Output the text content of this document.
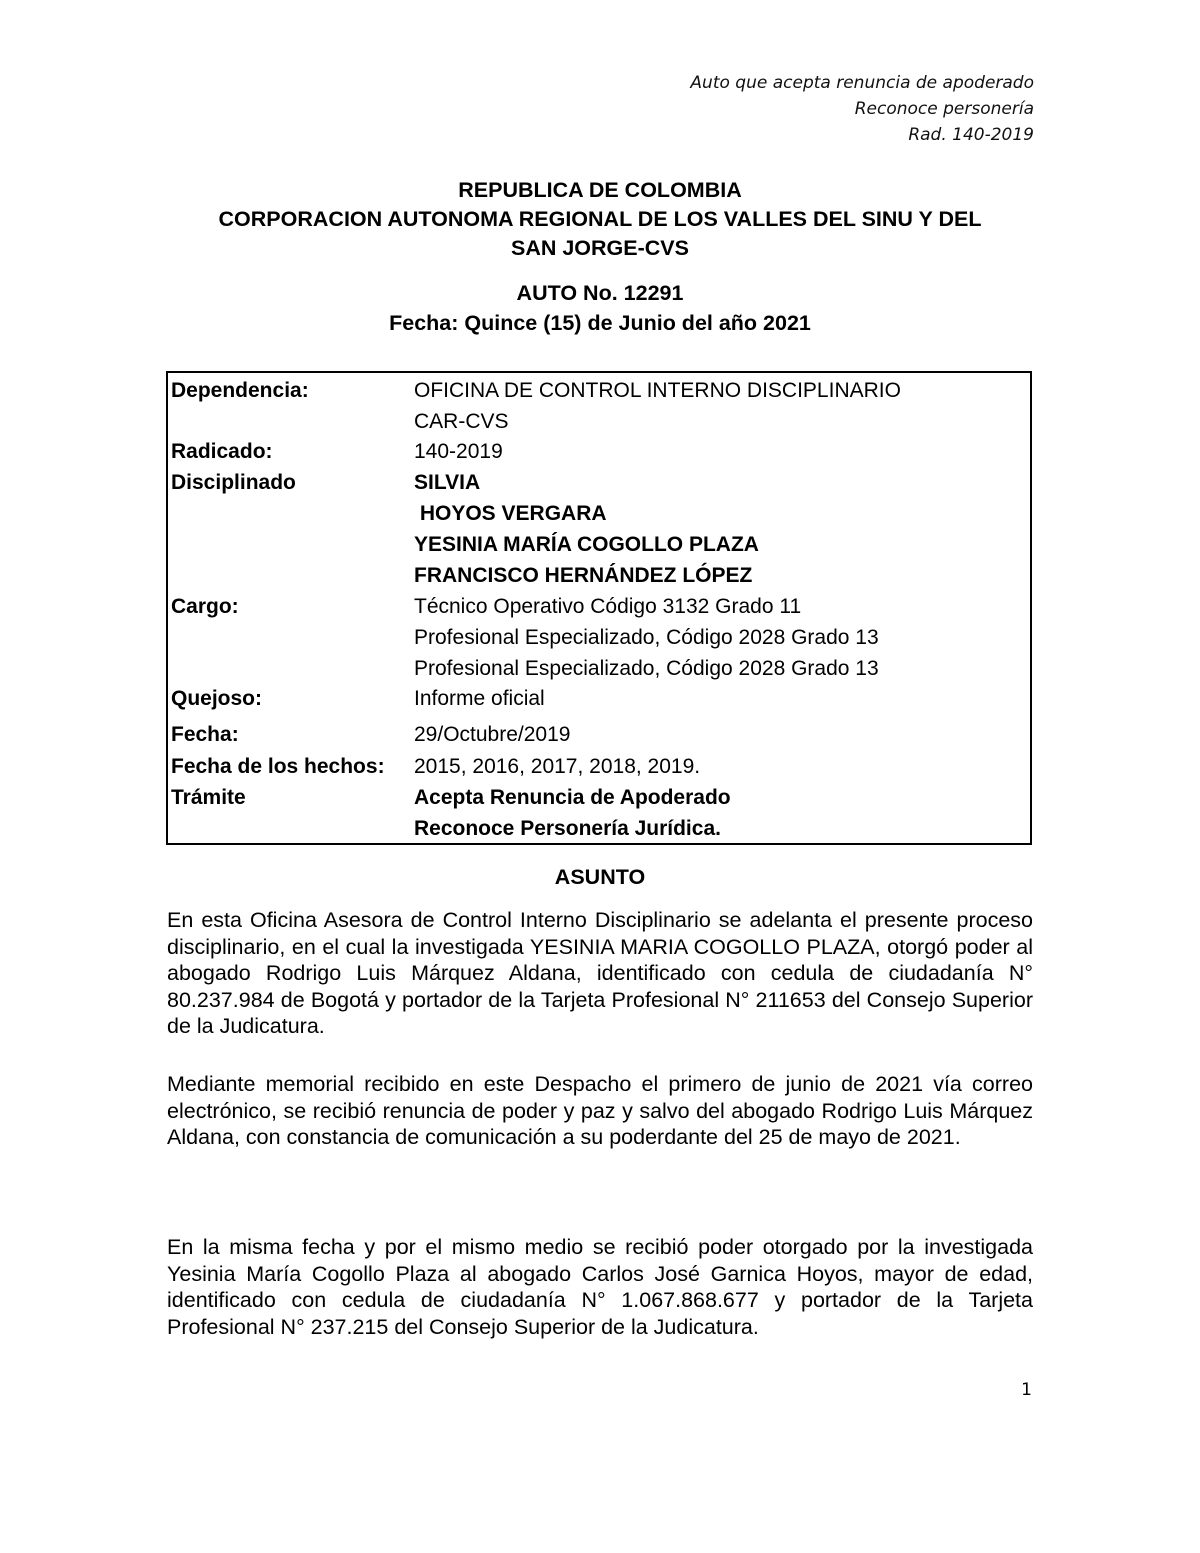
Auto que acepta renuncia de apoderado
Reconoce personería
Rad. 140-2019
REPUBLICA DE COLOMBIA
CORPORACION AUTONOMA REGIONAL DE LOS VALLES DEL SINU Y DEL
SAN JORGE-CVS
AUTO No. 12291
Fecha: Quince (15) de Junio del año 2021
Dependencia:	OFICINA DE CONTROL INTERNO DISCIPLINARIO
CAR-CVS
Radicado:	140-2019
Disciplinado	SILVIA
HOYOS VERGARA
YESINIA MARÍA COGOLLO PLAZA
FRANCISCO HERNÁNDEZ LÓPEZ
Cargo:	Técnico Operativo Código 3132 Grado 11
Profesional Especializado, Código 2028 Grado 13
Profesional Especializado, Código 2028 Grado 13
Quejoso:	Informe oficial
Fecha:	29/Octubre/2019
Fecha de los hechos: 2015, 2016, 2017, 2018, 2019.
Trámite	Acepta Renuncia de Apoderado
Reconoce Personería Jurídica.
ASUNTO
En esta Oficina Asesora de Control Interno Disciplinario se adelanta el presente proceso disciplinario, en el cual la investigada YESINIA MARIA COGOLLO PLAZA, otorgó poder al abogado Rodrigo Luis Márquez Aldana, identificado con cedula de ciudadanía N° 80.237.984 de Bogotá y portador de la Tarjeta Profesional N° 211653 del Consejo Superior de la Judicatura.
Mediante memorial recibido en este Despacho el primero de junio de 2021 vía correo electrónico, se recibió renuncia de poder y paz y salvo del abogado Rodrigo Luis Márquez Aldana, con constancia de comunicación a su poderdante del 25 de mayo de 2021.
En la misma fecha y por el mismo medio se recibió poder otorgado por la investigada Yesinia María Cogollo Plaza al abogado Carlos José Garnica Hoyos, mayor de edad, identificado con cedula de ciudadanía N° 1.067.868.677 y portador de la Tarjeta Profesional N° 237.215 del Consejo Superior de la Judicatura.
1
